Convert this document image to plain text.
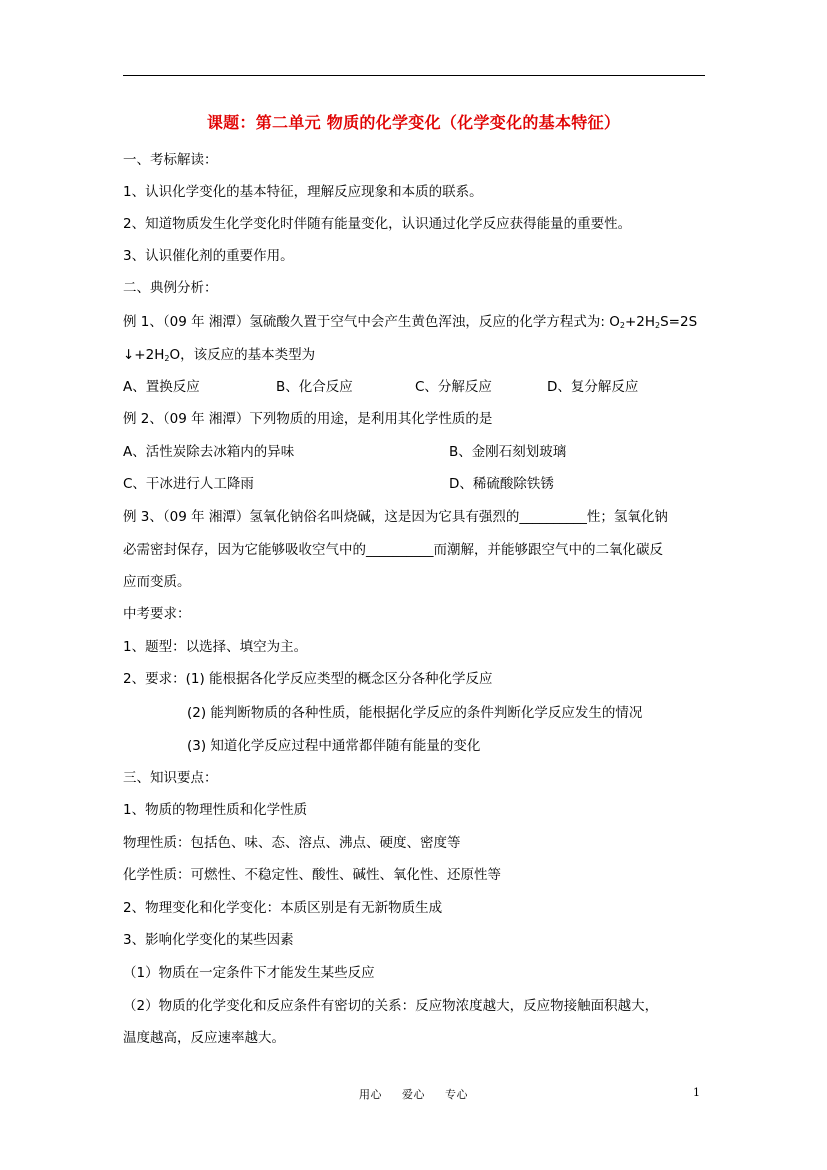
课题：第二单元 物质的化学变化（化学变化的基本特征）
一、考标解读：
1、认识化学变化的基本特征，理解反应现象和本质的联系。
2、知道物质发生化学变化时伴随有能量变化，认识通过化学反应获得能量的重要性。
3、认识催化剂的重要作用。
二、典例分析：
例 1、（09 年 湘潭）氢硫酸久置于空气中会产生黄色浑浊，反应的化学方程式为: $O_2+2H_2S=2S$
$↓+2H_2O$，该反应的基本类型为
A、置换反应	B、化合反应	C、分解反应	D、复分解反应
例 2、（09 年 湘潭）下列物质的用途，是利用其化学性质的是
A、活性炭除去冰箱内的异味	B、金刚石刻划玻璃
C、干冰进行人工降雨	D、稀硫酸除铁锈
例 3、（09 年 湘潭）氢氧化钠俗名叫烧碱，这是因为它具有强烈的__________性；氢氧化钠
必需密封保存，因为它能够吸收空气中的__________而潮解，并能够跟空气中的二氧化碳反
应而变质。
中考要求：
1、题型：以选择、填空为主。
2、要求：(1) 能根据各化学反应类型的概念区分各种化学反应
(2) 能判断物质的各种性质，能根据化学反应的条件判断化学反应发生的情况
(3) 知道化学反应过程中通常都伴随有能量的变化
三、知识要点：
1、物质的物理性质和化学性质
物理性质：包括色、味、态、溶点、沸点、硬度、密度等
化学性质：可燃性、不稳定性、酸性、碱性、氧化性、还原性等
2、物理变化和化学变化：本质区别是有无新物质生成
3、影响化学变化的某些因素
（1）物质在一定条件下才能发生某些反应
（2）物质的化学变化和反应条件有密切的关系：反应物浓度越大，反应物接触面积越大，
温度越高，反应速率越大。
用心 爱心 专心	1
